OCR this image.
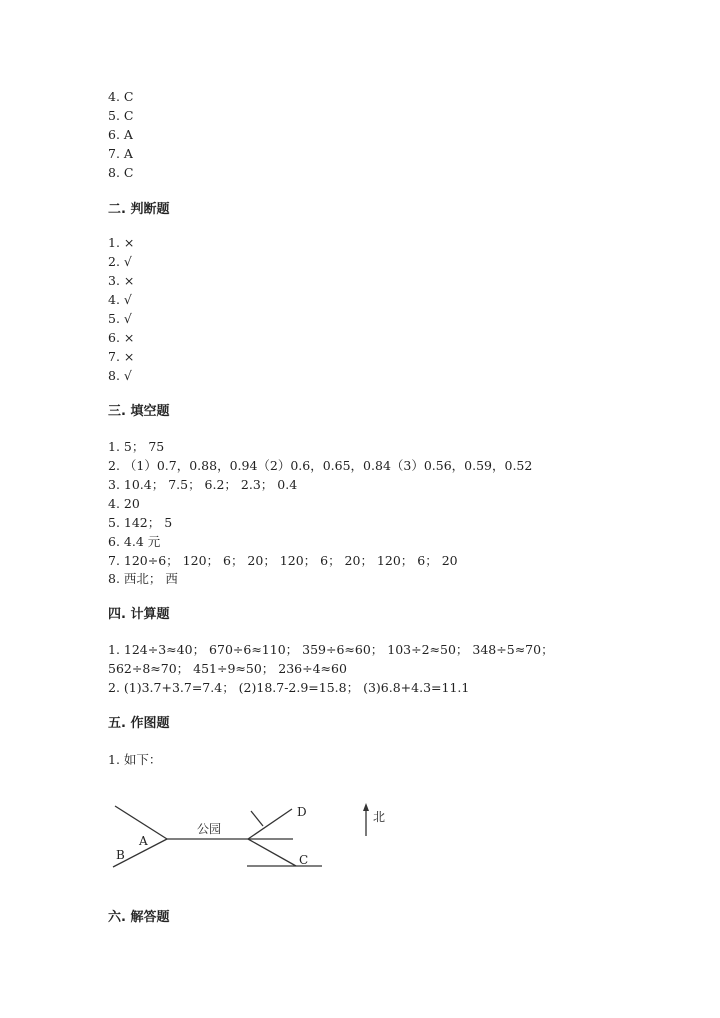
4. C
5. C
6. A
7. A
8. C
二. 判断题
1. ×
2. √
3. ×
4. √
5. √
6. ×
7. ×
8. √
三. 填空题
1. 5； 75
2. （1）0.7，0.88，0.94（2）0.6，0.65，0.84（3）0.56，0.59，0.52
3. 10.4； 7.5； 6.2； 2.3； 0.4
4. 20
5. 142； 5
6. 4.4 元
7. 120÷6； 120； 6； 20； 120； 6； 20； 120； 6； 20
8. 西北； 西
四. 计算题
1. 124÷3≈40； 670÷6≈110； 359÷6≈60； 103÷2≈50； 348÷5≈70；
562÷8≈70； 451÷9≈50； 236÷4≈60
2. (1)3.7+3.7=7.4； (2)18.7-2.9=15.8； (3)6.8+4.3=11.1
五. 作图题
1. 如下：
A
B
公园
D
C
北
六. 解答题
